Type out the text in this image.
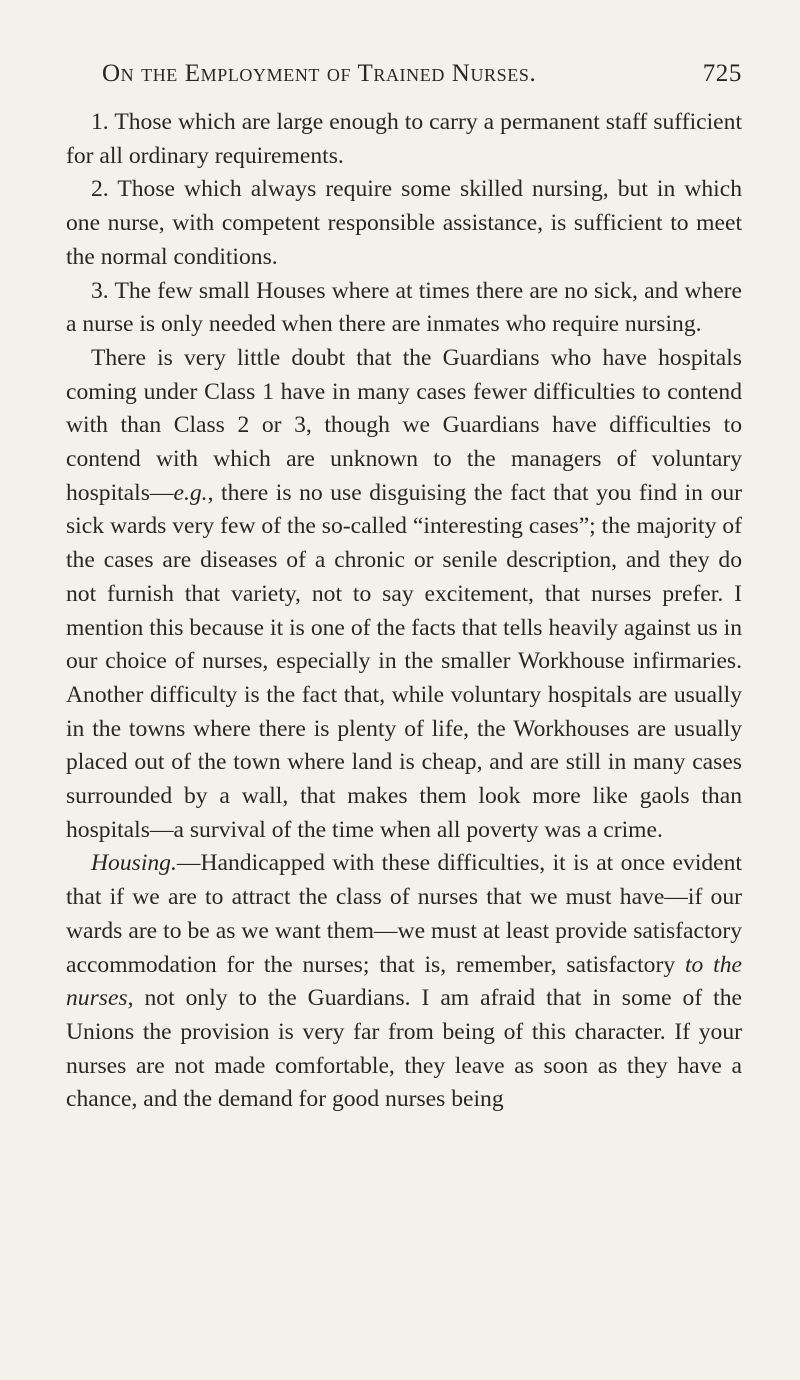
On the Employment of Trained Nurses.	725

1. Those which are large enough to carry a permanent staff sufficient for all ordinary requirements.

2. Those which always require some skilled nursing, but in which one nurse, with competent responsible assistance, is sufficient to meet the normal conditions.

3. The few small Houses where at times there are no sick, and where a nurse is only needed when there are inmates who require nursing.

There is very little doubt that the Guardians who have hospitals coming under Class 1 have in many cases fewer difficulties to contend with than Class 2 or 3, though we Guardians have difficulties to contend with which are unknown to the managers of voluntary hospitals—e.g., there is no use disguising the fact that you find in our sick wards very few of the so-called “interesting cases”; the majority of the cases are diseases of a chronic or senile description, and they do not furnish that variety, not to say excitement, that nurses prefer. I mention this because it is one of the facts that tells heavily against us in our choice of nurses, especially in the smaller Workhouse infirmaries. Another difficulty is the fact that, while voluntary hospitals are usually in the towns where there is plenty of life, the Workhouses are usually placed out of the town where land is cheap, and are still in many cases surrounded by a wall, that makes them look more like gaols than hospitals—a survival of the time when all poverty was a crime.

Housing.—Handicapped with these difficulties, it is at once evident that if we are to attract the class of nurses that we must have—if our wards are to be as we want them—we must at least provide satisfactory accommodation for the nurses; that is, remember, satisfactory to the nurses, not only to the Guardians. I am afraid that in some of the Unions the provision is very far from being of this character. If your nurses are not made comfortable, they leave as soon as they have a chance, and the demand for good nurses being
